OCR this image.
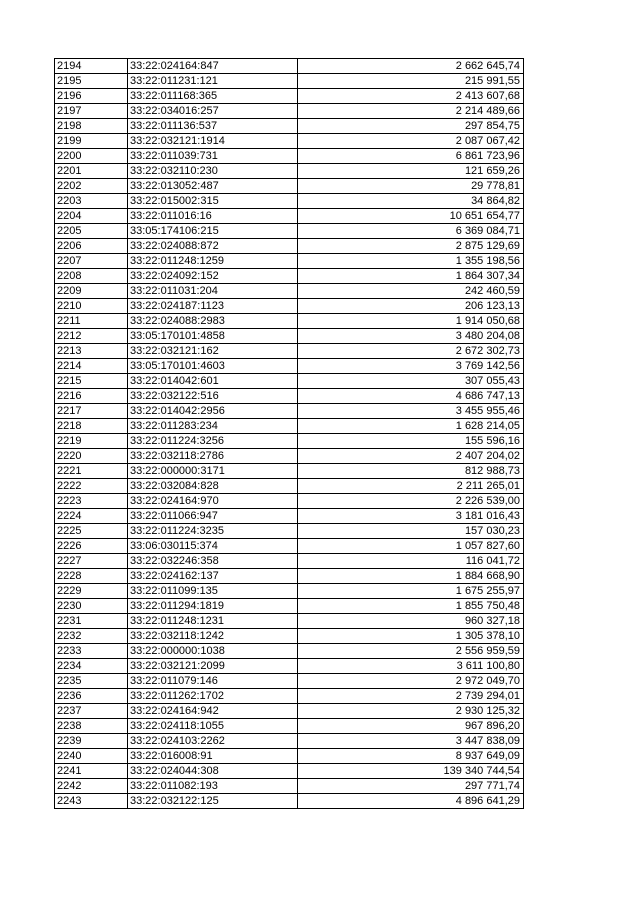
2194	33:22:024164:847	2 662 645,74
2195	33:22:011231:121	215 991,55
2196	33:22:011168:365	2 413 607,68
2197	33:22:034016:257	2 214 489,66
2198	33:22:011136:537	297 854,75
2199	33:22:032121:1914	2 087 067,42
2200	33:22:011039:731	6 861 723,96
2201	33:22:032110:230	121 659,26
2202	33:22:013052:487	29 778,81
2203	33:22:015002:315	34 864,82
2204	33:22:011016:16	10 651 654,77
2205	33:05:174106:215	6 369 084,71
2206	33:22:024088:872	2 875 129,69
2207	33:22:011248:1259	1 355 198,56
2208	33:22:024092:152	1 864 307,34
2209	33:22:011031:204	242 460,59
2210	33:22:024187:1123	206 123,13
2211	33:22:024088:2983	1 914 050,68
2212	33:05:170101:4858	3 480 204,08
2213	33:22:032121:162	2 672 302,73
2214	33:05:170101:4603	3 769 142,56
2215	33:22:014042:601	307 055,43
2216	33:22:032122:516	4 686 747,13
2217	33:22:014042:2956	3 455 955,46
2218	33:22:011283:234	1 628 214,05
2219	33:22:011224:3256	155 596,16
2220	33:22:032118:2786	2 407 204,02
2221	33:22:000000:3171	812 988,73
2222	33:22:032084:828	2 211 265,01
2223	33:22:024164:970	2 226 539,00
2224	33:22:011066:947	3 181 016,43
2225	33:22:011224:3235	157 030,23
2226	33:06:030115:374	1 057 827,60
2227	33:22:032246:358	116 041,72
2228	33:22:024162:137	1 884 668,90
2229	33:22:011099:135	1 675 255,97
2230	33:22:011294:1819	1 855 750,48
2231	33:22:011248:1231	960 327,18
2232	33:22:032118:1242	1 305 378,10
2233	33:22:000000:1038	2 556 959,59
2234	33:22:032121:2099	3 611 100,80
2235	33:22:011079:146	2 972 049,70
2236	33:22:011262:1702	2 739 294,01
2237	33:22:024164:942	2 930 125,32
2238	33:22:024118:1055	967 896,20
2239	33:22:024103:2262	3 447 838,09
2240	33:22:016008:91	8 937 649,09
2241	33:22:024044:308	139 340 744,54
2242	33:22:011082:193	297 771,74
2243	33:22:032122:125	4 896 641,29
